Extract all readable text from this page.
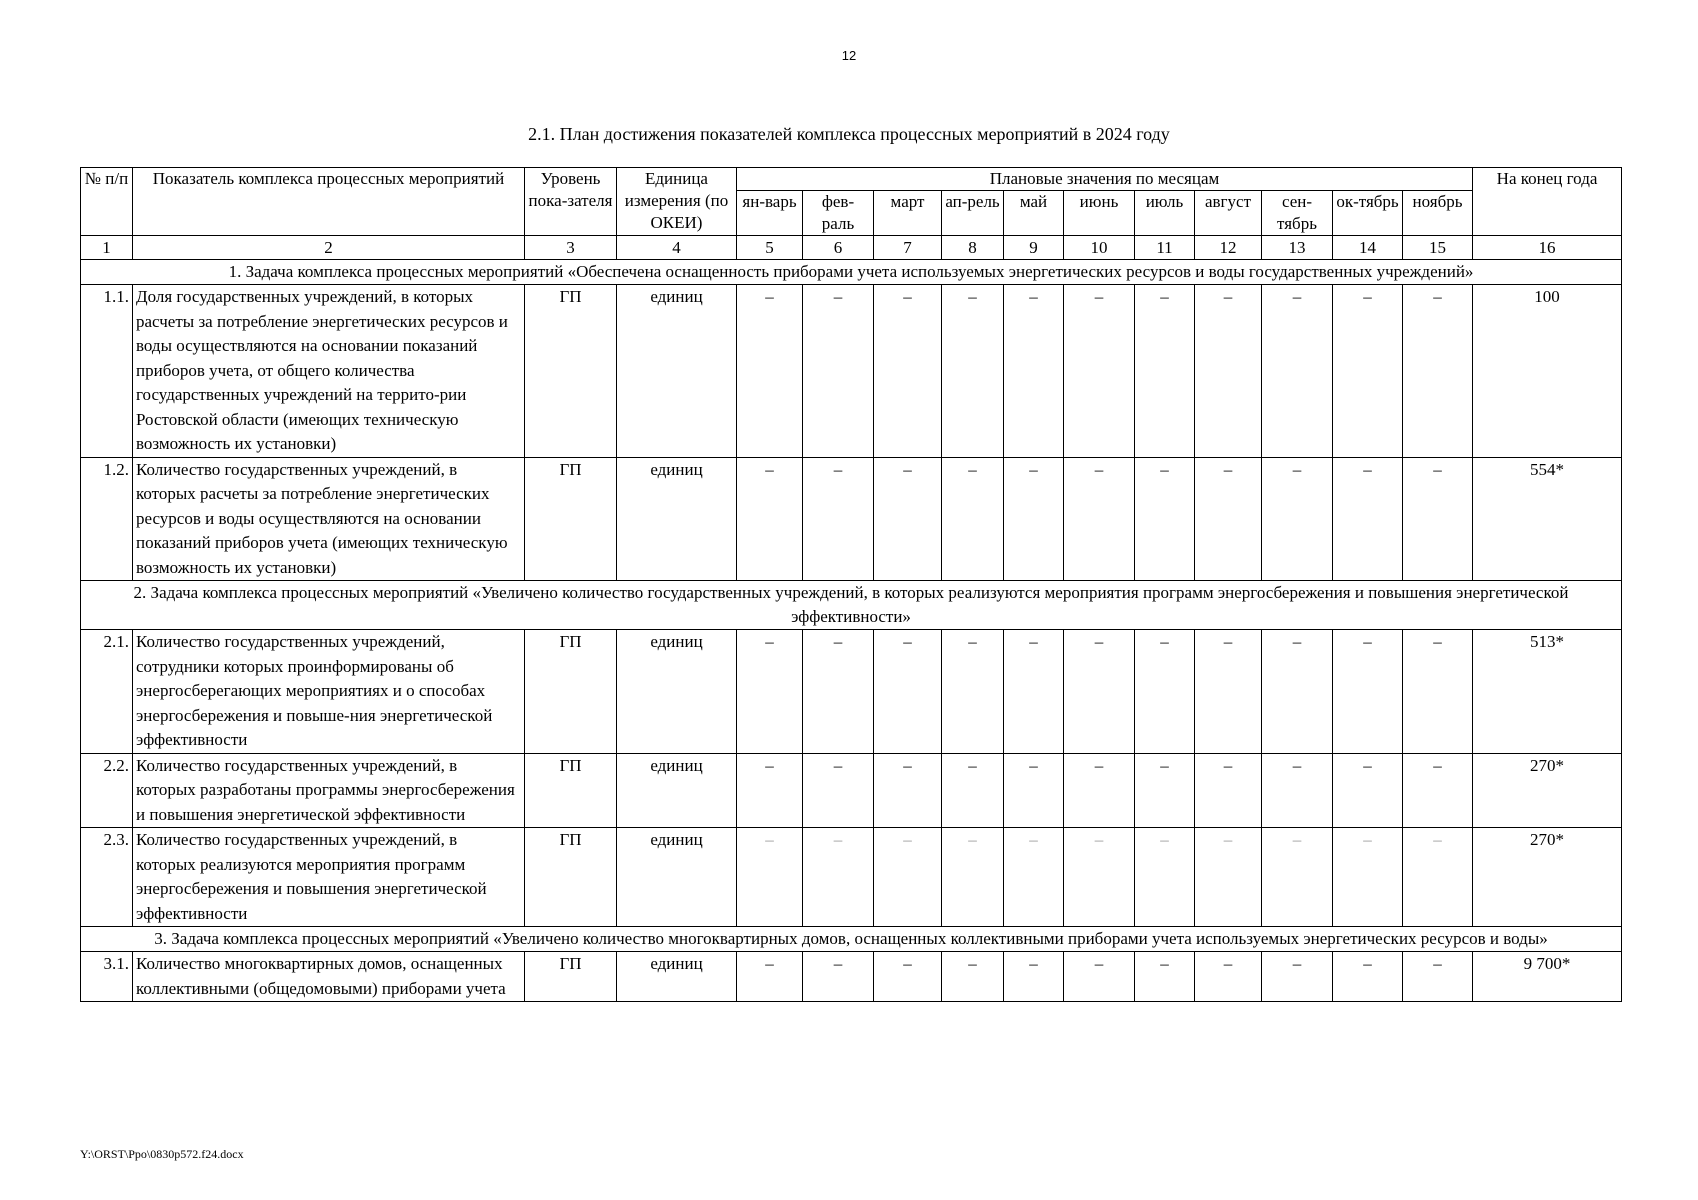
12
2.1. План достижения показателей комплекса процессных мероприятий в 2024 году
№ п/п	Показатель комплекса процессных мероприятий	Уровень пока-зателя	Единица измерения (по ОКЕИ)	Плановые значения по месяцам											На конец года
				ян-варь	фев-раль	март	ап-рель	май	июнь	июль	август	сен-тябрь	ок-тябрь	ноябрь	
1	2	3	4	5	6	7	8	9	10	11	12	13	14	15	16
1. Задача комплекса процессных мероприятий «Обеспечена оснащенность приборами учета используемых энергетических ресурсов и воды государственных учреждений»															
1.1.	Доля государственных учреждений, в которых расчеты за потребление энергетических ресурсов и воды осуществляются на основании показаний приборов учета, от общего количества государственных учреждений на террито-рии Ростовской области (имеющих техническую возможность их установки)	ГП	единиц	–	–	–	–	–	–	–	–	–	–	–	100
1.2.	Количество государственных учреждений, в которых расчеты за потребление энергетических ресурсов и воды осуществляются на основании показаний приборов учета (имеющих техническую возможность их установки)	ГП	единиц	–	–	–	–	–	–	–	–	–	–	–	554*
2. Задача комплекса процессных мероприятий «Увеличено количество государственных учреждений, в которых реализуются мероприятия программ энергосбережения и повышения энергетической эффективности»															
2.1.	Количество государственных учреждений, сотрудники которых проинформированы об энергосберегающих мероприятиях и о способах энергосбережения и повыше-ния энергетической эффективности	ГП	единиц	–	–	–	–	–	–	–	–	–	–	–	513*
2.2.	Количество государственных учреждений, в которых разработаны программы энергосбережения и повышения энергетической эффективности	ГП	единиц	–	–	–	–	–	–	–	–	–	–	–	270*
2.3.	Количество государственных учреждений, в которых реализуются мероприятия программ энергосбережения и повышения энергетической эффективности	ГП	единиц	–	–	–	–	–	–	–	–	–	–	–	270*
3. Задача комплекса процессных мероприятий «Увеличено количество многоквартирных домов, оснащенных коллективными приборами учета используемых энергетических ресурсов и воды»															
3.1.	Количество многоквартирных домов, оснащенных коллективными (общедомовыми) приборами учета	ГП	единиц	–	–	–	–	–	–	–	–	–	–	–	9 700*
Y:\ORST\Ppo\0830p572.f24.docx
